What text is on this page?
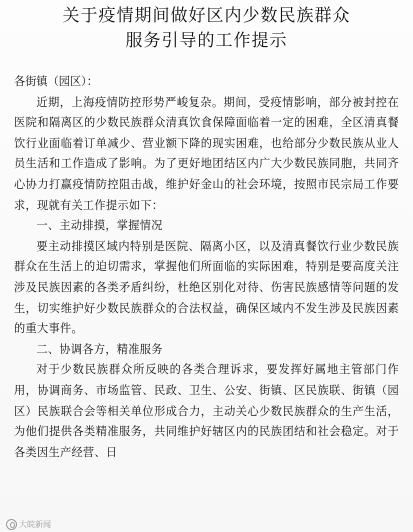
关于疫情期间做好区内少数民族群众
服务引导的工作提示
各街镇（园区）：

近期，上海疫情防控形势严峻复杂。期间，受疫情影响，部分被封控在医院和隔离区的少数民族群众清真饮食保障面临着一定的困难，全区清真餐饮行业面临着订单减少、营业额下降的现实困难，也给部分少数民族从业人员生活和工作造成了影响。为了更好地团结区内广大少数民族同胞，共同齐心协力打赢疫情防控阻击战，维护好金山的社会环境，按照市民宗局工作要求，现就有关工作提示如下：

一、主动排摸，掌握情况

要主动排摸区域内特别是医院、隔离小区，以及清真餐饮行业少数民族群众在生活上的迫切需求，掌握他们所面临的实际困难，特别是要高度关注涉及民族因素的各类矛盾纠纷，杜绝区别化对待、伤害民族感情等问题的发生，切实维护好少数民族群众的合法权益，确保区域内不发生涉及民族因素的重大事件。

二、协调各方，精准服务

对于少数民族群众所反映的各类合理诉求，要发挥好属地主管部门作用，协调商务、市场监管、民政、卫生、公安、街镇、区民族联、街镇（园区）民族联合会等相关单位形成合力，主动关心少数民族群众的生产生活，为他们提供各类精准服务，共同维护好辖区内的民族团结和社会稳定。对于各类因生产经营、日

大皖新闻
